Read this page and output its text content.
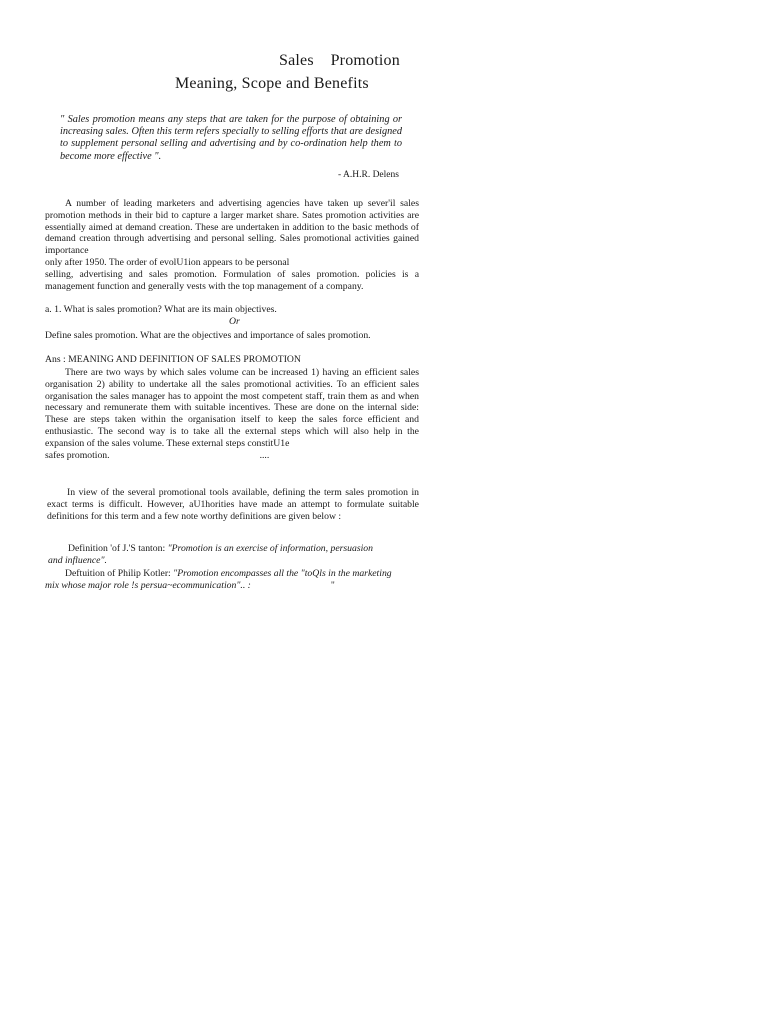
Sales    Promotion
Meaning, Scope and Benefits
" Sales promotion means any steps that are taken for the purpose of obtaining or increasing sales. Often this term refers specially to selling efforts that are designed to supplement personal selling and advertising and by co-ordination help them to become more effective ".
- A.H.R. Delens
A number of leading marketers and advertising agencies have taken up sever'il sales promotion methods in their bid to capture a larger market share. Sates promotion activities are essentially aimed at demand creation. These are undertaken in addition to the basic methods of demand creation through advertising and personal selling. Sales promotional activities gained importance
only after 1950. The order of evolU1ion appears to be personal
selling, advertising and sales promotion. Formulation of sales promotion. policies is a management function and generally vests with the top management of a company.
a. 1. What is sales promotion? What are its main objectives.
Or
Define sales promotion. What are the objectives and importance of sales promotion.
Ans : MEANING AND DEFINITION OF SALES PROMOTION
There are two ways by which sales volume can be increased 1) having an efficient sales organisation 2) ability to undertake all the sales promotional activities. To an efficient sales organisation the sales manager has to appoint the most competent staff, train them as and when necessary and remunerate them with suitable incentives. These are done on the internal side: These are steps taken within the organisation itself to keep the sales force efficient and enthusiastic. The second way is to take all the external steps which will also help in the expansion of the sales volume. These external steps constitU1e
safes promotion.	....
In view of the several promotional tools available, defining the term sales promotion in exact terms is difficult. However, aU1horities have made an attempt to formulate suitable definitions for this term and a few note worthy definitions are given below :
Definition 'of J.'S tanton: "Promotion is an exercise of information, persuasion and influence".
Deftuition of Philip Kotler: "Promotion encompasses all the "toQls in the marketing mix whose major role !s persua~ecommunication".. :	"
